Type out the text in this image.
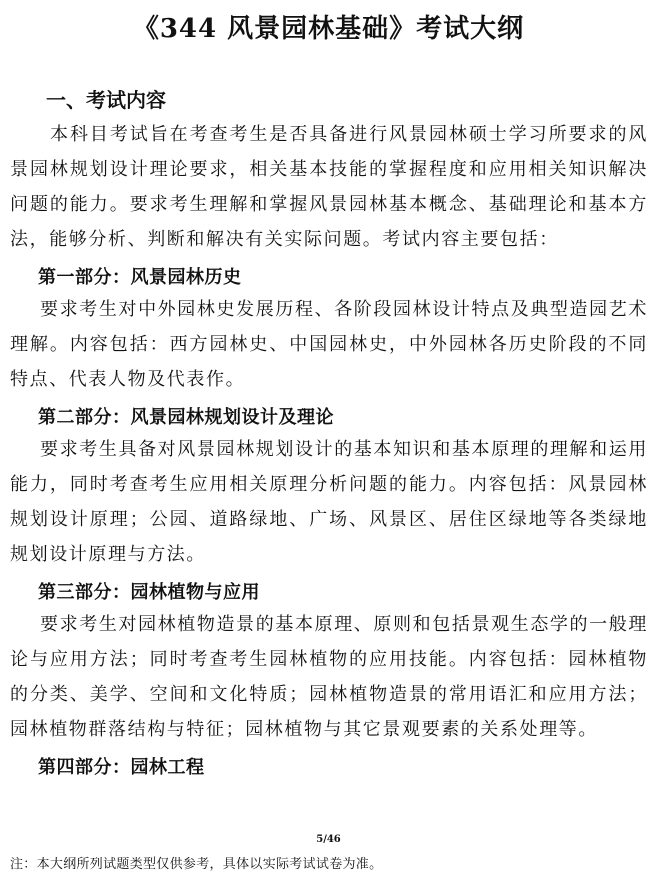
《344 风景园林基础》考试大纲
一、考试内容

本科目考试旨在考查考生是否具备进行风景园林硕士学习所要求的风景园林规划设计理论要求，相关基本技能的掌握程度和应用相关知识解决问题的能力。要求考生理解和掌握风景园林基本概念、基础理论和基本方法，能够分析、判断和解决有关实际问题。考试内容主要包括：

第一部分：风景园林历史

要求考生对中外园林史发展历程、各阶段园林设计特点及典型造园艺术理解。内容包括：西方园林史、中国园林史，中外园林各历史阶段的不同特点、代表人物及代表作。

第二部分：风景园林规划设计及理论

要求考生具备对风景园林规划设计的基本知识和基本原理的理解和运用能力，同时考查考生应用相关原理分析问题的能力。内容包括：风景园林规划设计原理；公园、道路绿地、广场、风景区、居住区绿地等各类绿地规划设计原理与方法。

第三部分：园林植物与应用

要求考生对园林植物造景的基本原理、原则和包括景观生态学的一般理论与应用方法；同时考查考生园林植物的应用技能。内容包括：园林植物的分类、美学、空间和文化特质；园林植物造景的常用语汇和应用方法；园林植物群落结构与特征；园林植物与其它景观要素的关系处理等。

第四部分：园林工程
5/46
注：本大纲所列试题类型仅供参考，具体以实际考试试卷为准。
